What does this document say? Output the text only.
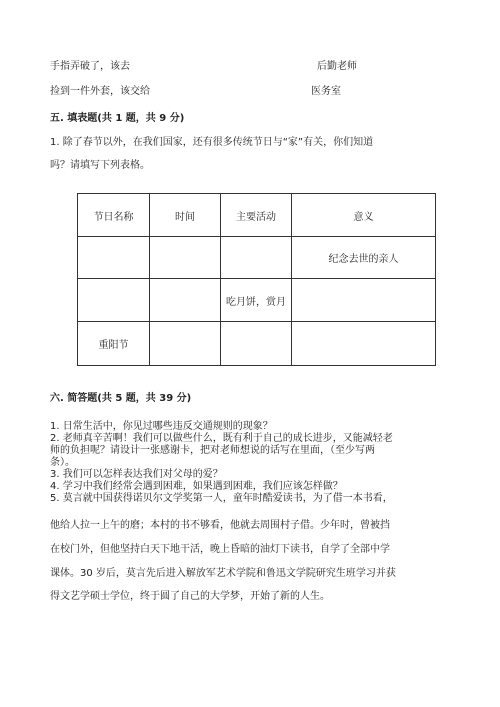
手指弄破了，该去	后勤老师
捡到一件外套，该交给	医务室
五. 填表题(共 1 题，共 9 分)
1. 除了春节以外，在我们国家，还有很多传统节日与“家”有关，你们知道
吗？请填写下列表格。
节日名称	时间	主要活动	意义
			纪念去世的亲人
		吃月饼，赏月	
重阳节			
六. 简答题(共 5 题，共 39 分)
1. 日常生活中，你见过哪些违反交通规则的现象？
2. 老师真辛苦啊！我们可以做些什么，既有利于自己的成长进步，又能减轻老
师的负担呢？请设计一张感谢卡，把对老师想说的话写在里面，（至少写两
条）。
3. 我们可以怎样表达我们对父母的爱？
4. 学习中我们经常会遇到困难，如果遇到困难，我们应该怎样做？
5. 莫言就中国获得诺贝尔文学奖第一人，童年时酷爱读书，为了借一本书看，
他给人拉一上午的磨；本村的书不够看，他就去周围村子借。少年时，曾被挡
在校门外，但他坚持白天下地干活，晚上昏暗的油灯下读书，自学了全部中学
课体。30 岁后，莫言先后进入解放军艺术学院和鲁迅文学院研究生班学习并获
得文艺学硕士学位，终于圆了自己的大学梦，开始了新的人生。
